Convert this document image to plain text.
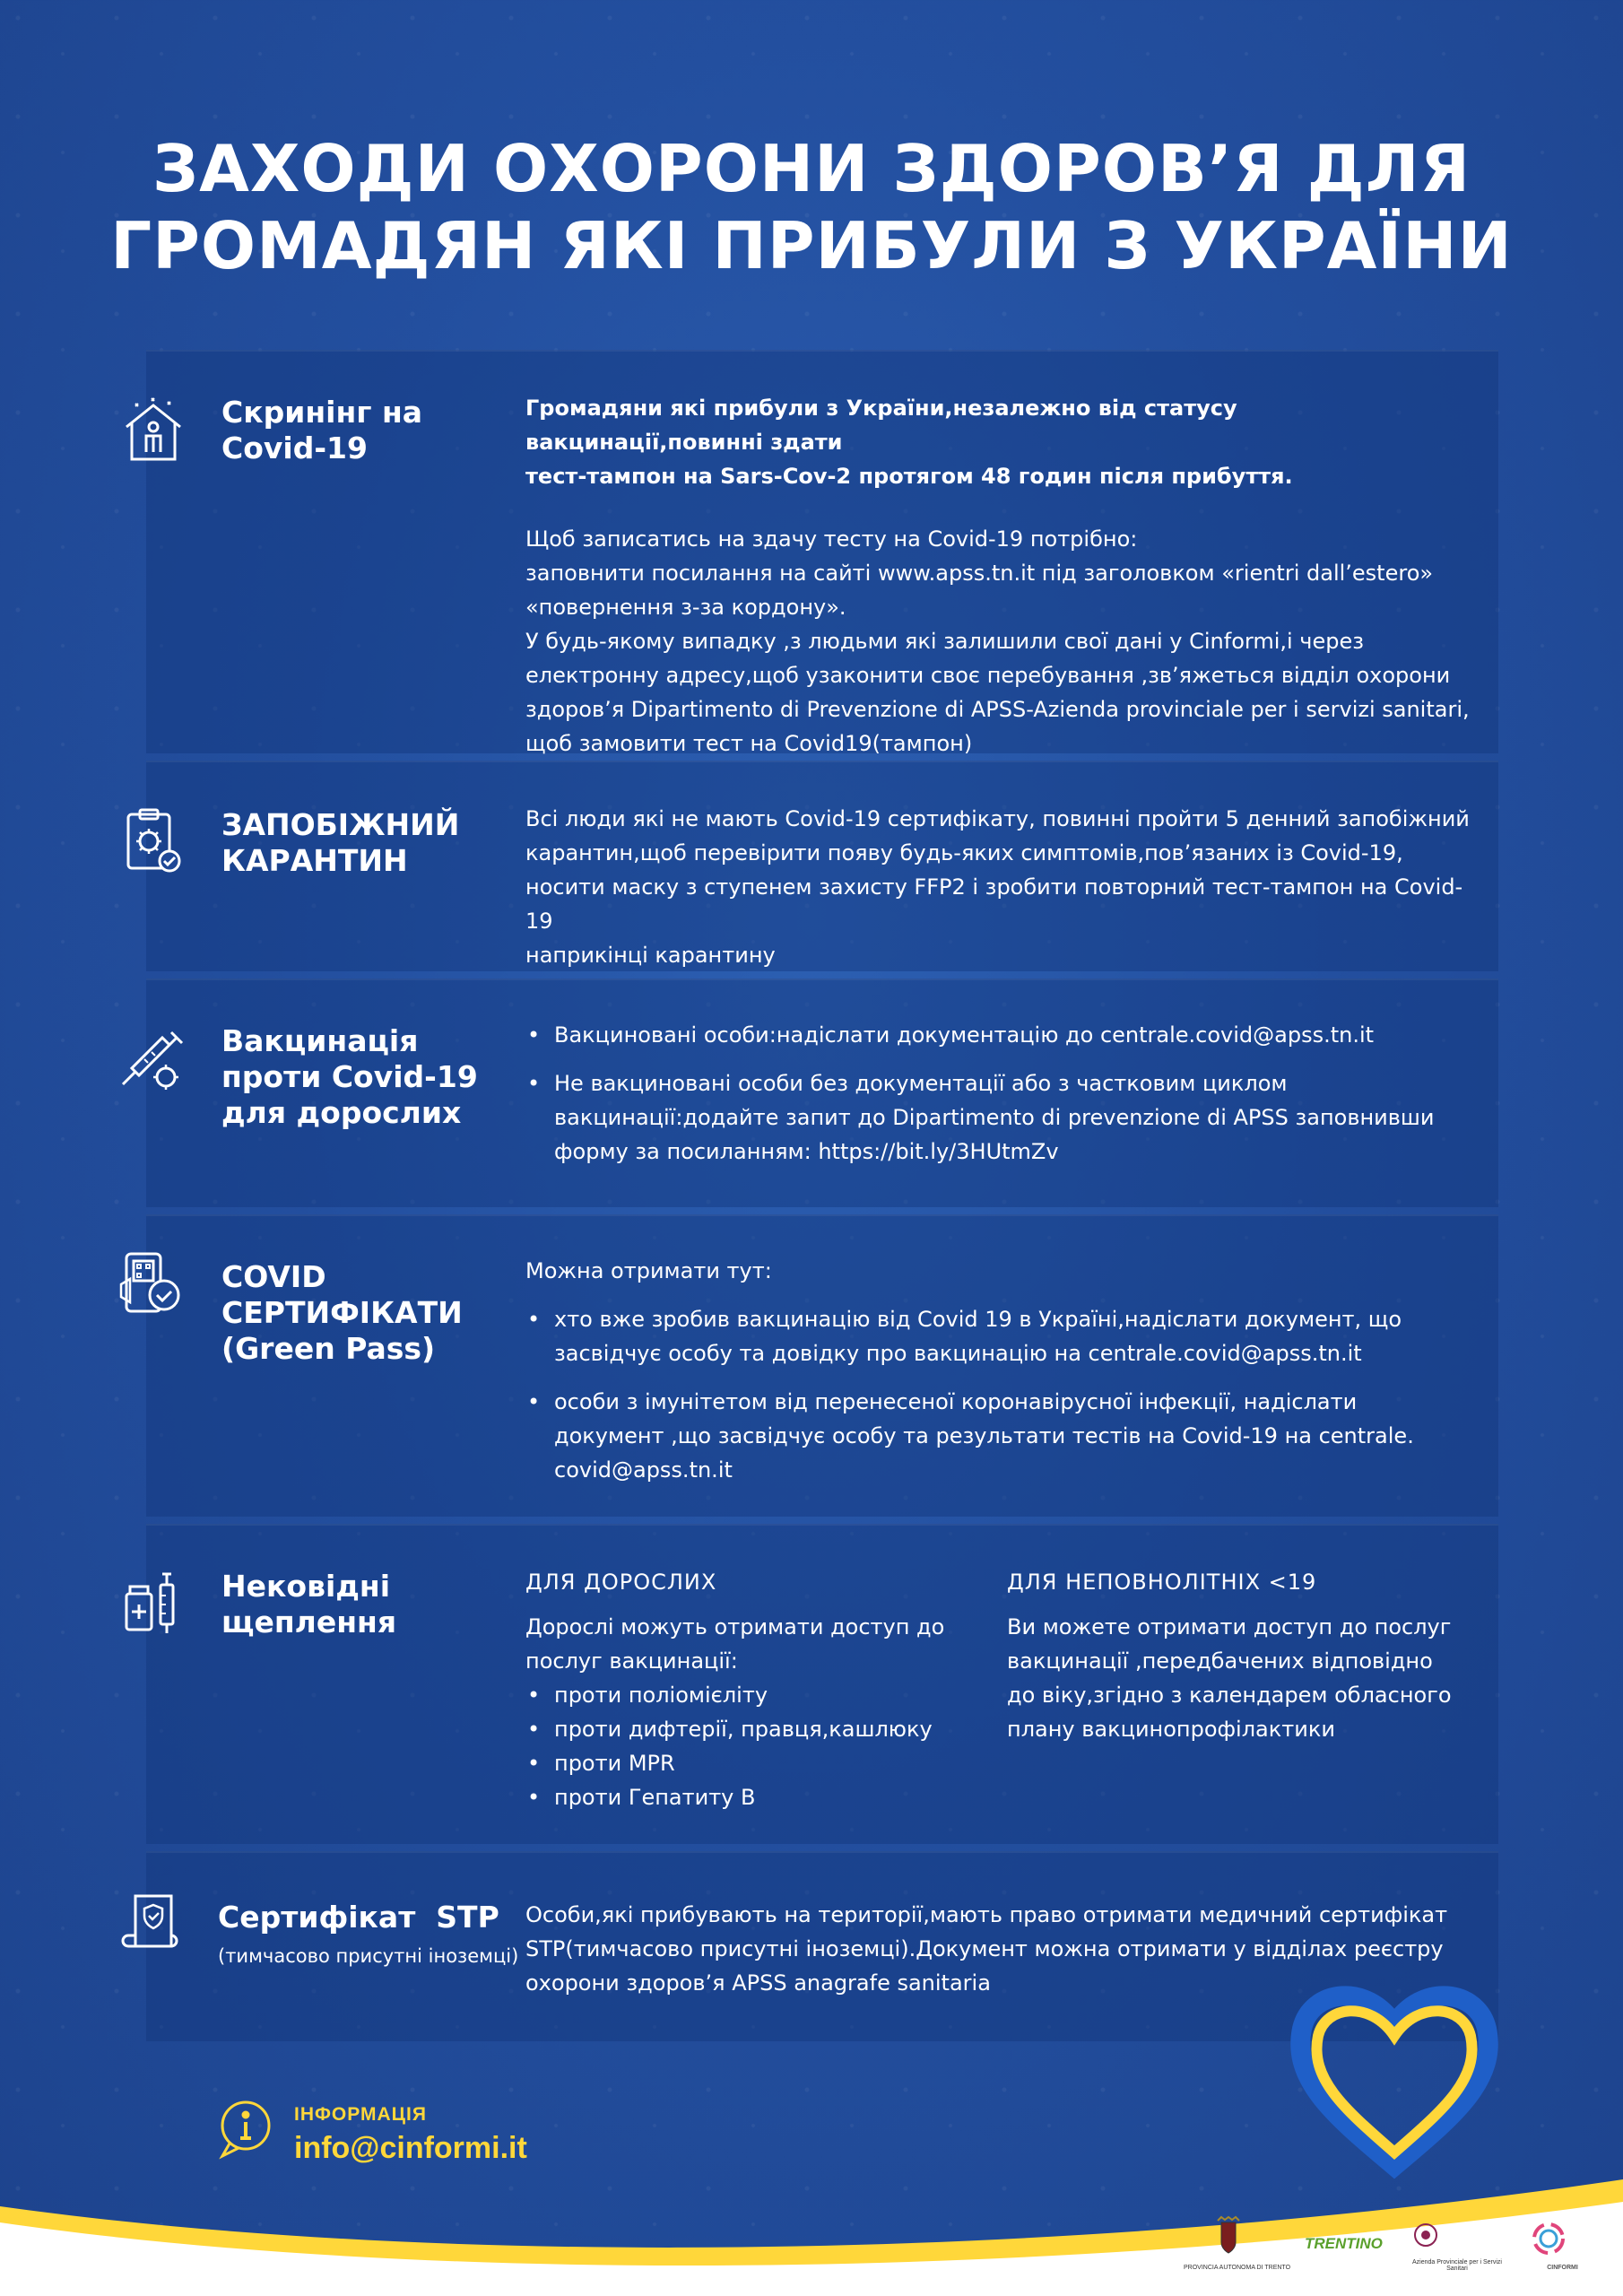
ЗАХОДИ ОХОРОНИ ЗДОРОВ’Я ДЛЯ
ГРОМАДЯН ЯКІ ПРИБУЛИ З УКРАЇНИ
Скринінг на
Covid-19

Громадяни які прибули з України,незалежно від статусу вакцинації,повинні здати

тест-тампон на Sars-Cov-2 протягом 48 годин після прибуття.

Щоб записатись на здачу тесту на Covid-19 потрібно:

заповнити посилання на сайті www.apss.tn.it під заголовком «rientri dall’estero»

«повернення з-за кордону».

У будь-якому випадку ,з людьми які залишили свої дані у Cinformi,і через

електронну адресу,щоб узаконити своє перебування ,зв’яжеться відділ охорони

здоров’я Dipartimento di Prevenzione di APSS-Azienda provinciale per i servizi sanitari,

щоб замовити тест на Covid19(тампон)

ЗАПОБІЖНИЙ
КАРАНТИН

Всі люди які не мають Covid-19 сертифікату, повинні пройти 5 денний запобіжний

карантин,щоб перевірити появу будь-яких симптомів,пов’язаних із Covid-19,

носити маску з ступенем захисту FFP2 і зробити повторний тест-тампон на Covid-19

наприкінці карантину

Вакцинація
проти Covid-19
для дорослих
• Вакциновані особи:надіслати документацію до centrale.covid@apss.tn.it
• Не вакциновані особи без документації або з частковим циклом
вакцинації:додайте запит до Dipartimento di prevenzione di APSS заповнивши
форму за посиланням: https://bit.ly/3HUtmZv
COVID
СЕРТИФІКАТИ
(Green Pass)

Можна отримати тут:

• хто вже зробив вакцинацію від Covid 19 в Україні,надіслати документ, що
засвідчує особу та довідку про вакцинацію на centrale.covid@apss.tn.it
• особи з імунітетом від перенесеної коронавірусної інфекції, надіслати
документ ,що засвідчує особу та результати тестів на Covid-19 на centrale.
covid@apss.tn.it
Нековідні
щеплення
ДЛЯ ДОРОСЛИХ
Дорослі можуть отримати доступ до
послуг вакцинації:
• проти поліомієліту
• проти дифтерії, правця,кашлюку
• проти MPR
• проти Гепатиту В
ДЛЯ НЕПОВНОЛІТНІХ <19
Ви можете отримати доступ до послуг
вакцинації ,передбачених відповідно
до віку,згідно з календарем обласного
плану вакцинопрофілактики
Сертифікат  STP
(тимчасово присутні іноземці)

Особи,які прибувають на території,мають право отримати медичний сертифікат

STP(тимчасово присутні іноземці).Документ можна отримати у відділах реєстру

охорони здоров’я APSS anagrafe sanitaria

ІНФОРМАЦІЯ
info@cinformi.it
PROVINCIA AUTONOMA DI TRENTO
TRENTINO
Azienda Provinciale per i Servizi Sanitari	CINFORMI
